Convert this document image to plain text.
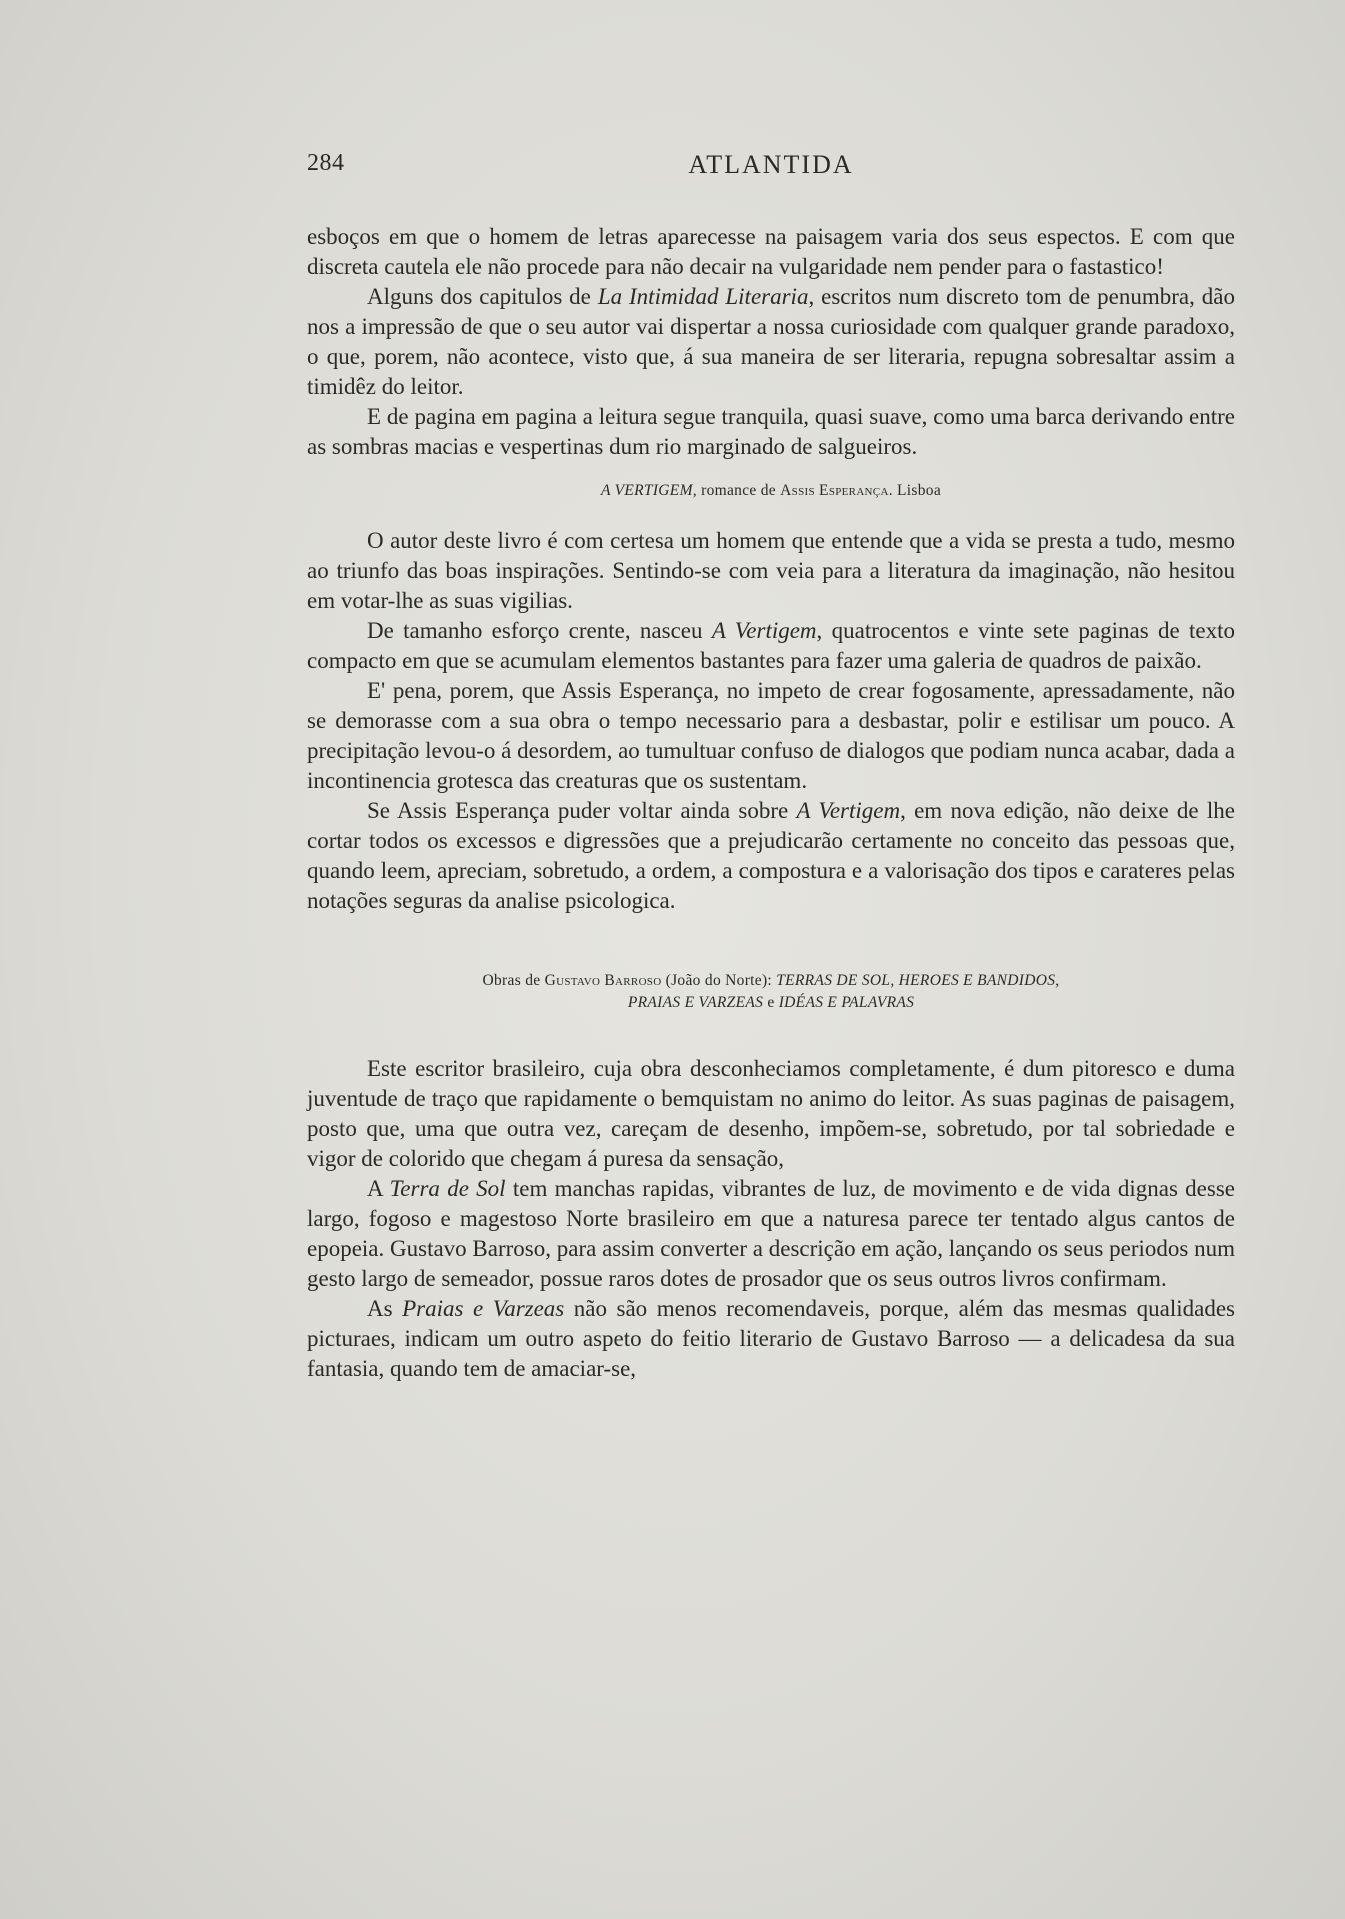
284	ATLANTIDA

esboços em que o homem de letras aparecesse na paisagem varia dos seus espectos. E com que discreta cautela ele não procede para não decair na vulgaridade nem pender para o fastastico!

Alguns dos capitulos de La Intimidad Literaria, escritos num discreto tom de penumbra, dão nos a impressão de que o seu autor vai dispertar a nossa curiosidade com qualquer grande paradoxo, o que, porem, não acontece, visto que, á sua maneira de ser literaria, repugna sobresaltar assim a timidêz do leitor.

E de pagina em pagina a leitura segue tranquila, quasi suave, como uma barca derivando entre as sombras macias e vespertinas dum rio marginado de salgueiros.

A VERTIGEM, romance de Assis Esperança. Lisboa

O autor deste livro é com certesa um homem que entende que a vida se presta a tudo, mesmo ao triunfo das boas inspirações. Sentindo-se com veia para a literatura da imaginação, não hesitou em votar-lhe as suas vigilias.

De tamanho esforço crente, nasceu A Vertigem, quatrocentos e vinte sete paginas de texto compacto em que se acumulam elementos bastantes para fazer uma galeria de quadros de paixão.

E' pena, porem, que Assis Esperança, no impeto de crear fogosamente, apressadamente, não se demorasse com a sua obra o tempo necessario para a desbastar, polir e estilisar um pouco. A precipitação levou-o á desordem, ao tumultuar confuso de dialogos que podiam nunca acabar, dada a incontinencia grotesca das creaturas que os sustentam.

Se Assis Esperança puder voltar ainda sobre A Vertigem, em nova edição, não deixe de lhe cortar todos os excessos e digressões que a prejudicarão certamente no conceito das pessoas que, quando leem, apreciam, sobretudo, a ordem, a compostura e a valorisação dos tipos e carateres pelas notações seguras da analise psicologica.

Obras de Gustavo Barroso (João do Norte): TERRAS DE SOL, HEROES E BANDIDOS,
PRAIAS E VARZEAS e IDÉAS E PALAVRAS

Este escritor brasileiro, cuja obra desconheciamos completamente, é dum pitoresco e duma juventude de traço que rapidamente o bemquistam no animo do leitor. As suas paginas de paisagem, posto que, uma que outra vez, careçam de desenho, impõem-se, sobretudo, por tal sobriedade e vigor de colorido que chegam á puresa da sensação,

A Terra de Sol tem manchas rapidas, vibrantes de luz, de movimento e de vida dignas desse largo, fogoso e magestoso Norte brasileiro em que a naturesa parece ter tentado algus cantos de epopeia. Gustavo Barroso, para assim converter a descrição em ação, lançando os seus periodos num gesto largo de semeador, possue raros dotes de prosador que os seus outros livros confirmam.

As Praias e Varzeas não são menos recomendaveis, porque, além das mesmas qualidades picturaes, indicam um outro aspeto do feitio literario de Gustavo Barroso — a delicadesa da sua fantasia, quando tem de amaciar-se,
